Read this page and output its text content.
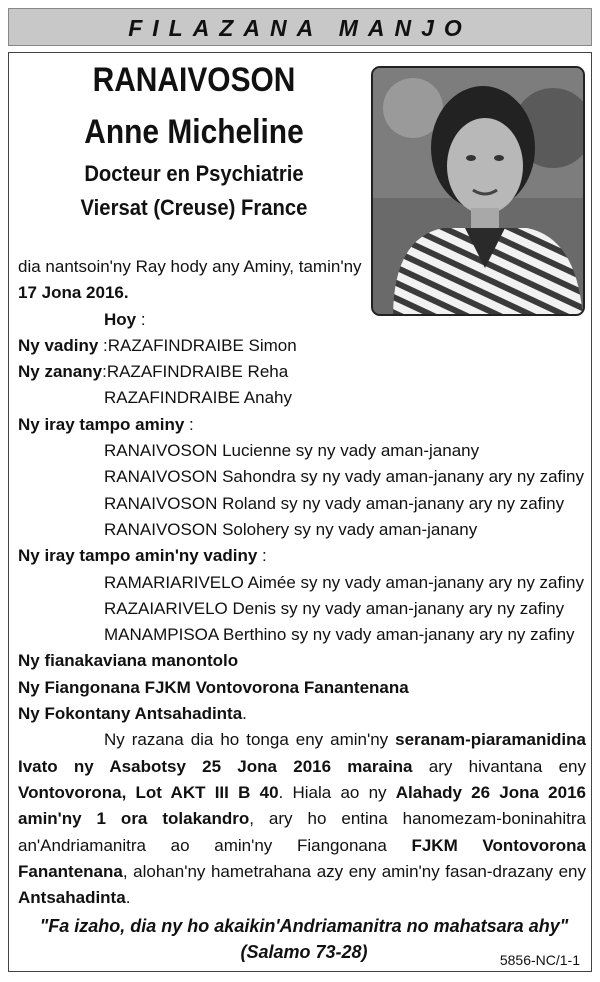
FILAZANA MANJO
RANAIVOSON
Anne Micheline
Docteur en Psychiatrie
Viersat (Creuse) France
dia nantsoin'ny Ray hody any Aminy, tamin'ny
17 Jona 2016.
Hoy :
Ny vadiny :RAZAFINDRAIBE Simon
Ny zanany:RAZAFINDRAIBE Reha
RAZAFINDRAIBE Anahy
Ny iray tampo aminy :
RANAIVOSON Lucienne sy ny vady aman-janany
RANAIVOSON Sahondra sy ny vady aman-janany ary ny zafiny
RANAIVOSON Roland sy ny vady aman-janany ary ny zafiny
RANAIVOSON Solohery sy ny vady aman-janany
Ny iray tampo amin'ny vadiny :
RAMARIARIVELO Aimée sy ny vady aman-janany ary ny zafiny
RAZAIARIVELO Denis sy ny vady aman-janany ary ny zafiny
MANAMPISOA Berthino sy ny vady aman-janany ary ny zafiny
Ny fianakaviana manontolo
Ny Fiangonana FJKM Vontovorona Fanantenana
Ny Fokontany Antsahadinta.
Ny razana dia ho tonga eny amin'ny seranam-piaramanidina Ivato ny Asabotsy 25 Jona 2016 maraina ary hivantana eny Vontovorona, Lot AKT III B 40. Hiala ao ny Alahady 26 Jona 2016 amin'ny 1 ora tolakandro, ary ho entina hanomezam-boninahitra an'Andriamanitra ao amin'ny Fiangonana FJKM Vontovorona Fanantenana, alohan'ny hametrahana azy eny amin'ny fasan-drazany eny Antsahadinta.
"Fa izaho, dia ny ho akaikin'Andriamanitra no mahatsara ahy"
(Salamo 73-28)	5856-NC/1-1
